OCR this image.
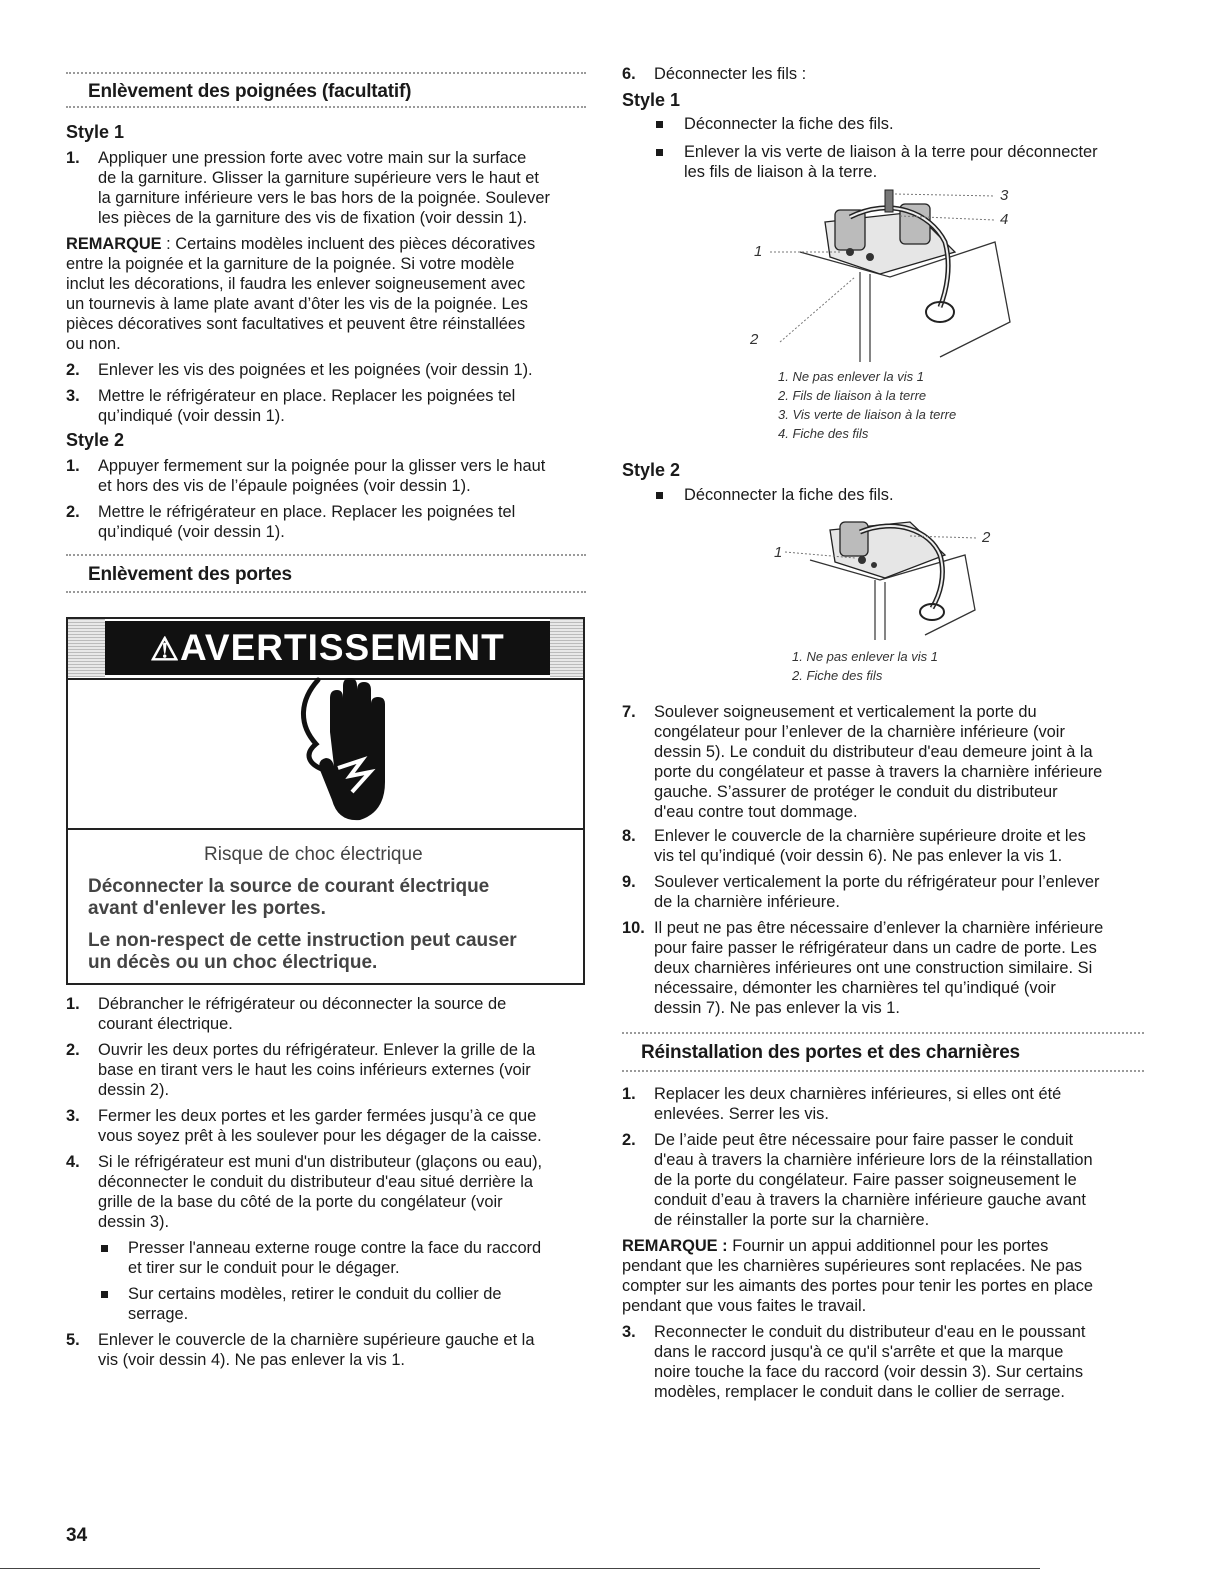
Enlèvement des poignées (facultatif)
Style 1
1. Appliquer une pression forte avec votre main sur la surface
de la garniture. Glisser la garniture supérieure vers le haut et
la garniture inférieure vers le bas hors de la poignée. Soulever
les pièces de la garniture des vis de fixation (voir dessin 1).
REMARQUE : Certains modèles incluent des pièces décoratives
entre la poignée et la garniture de la poignée. Si votre modèle
inclut les décorations, il faudra les enlever soigneusement avec
un tournevis à lame plate avant d’ôter les vis de la poignée. Les
pièces décoratives sont facultatives et peuvent être réinstallées
ou non.
2. Enlever les vis des poignées et les poignées (voir dessin 1).
3. Mettre le réfrigérateur en place. Replacer les poignées tel
qu’indiqué (voir dessin 1).
Style 2
1. Appuyer fermement sur la poignée pour la glisser vers le haut
et hors des vis de l’épaule poignées (voir dessin 1).
2. Mettre le réfrigérateur en place. Replacer les poignées tel
qu’indiqué (voir dessin 1).
Enlèvement des portes
⚠AVERTISSEMENT
Risque de choc électrique
Déconnecter la source de courant électrique
avant d'enlever les portes.
Le non-respect de cette instruction peut causer
un décès ou un choc électrique.
1. Débrancher le réfrigérateur ou déconnecter la source de
courant électrique.
2. Ouvrir les deux portes du réfrigérateur. Enlever la grille de la
base en tirant vers le haut les coins inférieurs externes (voir
dessin 2).
3. Fermer les deux portes et les garder fermées jusqu’à ce que
vous soyez prêt à les soulever pour les dégager de la caisse.
4. Si le réfrigérateur est muni d'un distributeur (glaçons ou eau),
déconnecter le conduit du distributeur d'eau situé derrière la
grille de la base du côté de la porte du congélateur (voir
dessin 3).
Presser l'anneau externe rouge contre la face du raccord
et tirer sur le conduit pour le dégager.
Sur certains modèles, retirer le conduit du collier de
serrage.
5. Enlever le couvercle de la charnière supérieure gauche et la
vis (voir dessin 4). Ne pas enlever la vis 1.
34
6. Déconnecter les fils :
Style 1
Déconnecter la fiche des fils.
Enlever la vis verte de liaison à la terre pour déconnecter
les fils de liaison à la terre.
1
2
3
4
1. Ne pas enlever la vis 1
2. Fils de liaison à la terre
3. Vis verte de liaison à la terre
4. Fiche des fils
Style 2
Déconnecter la fiche des fils.
1
2
1. Ne pas enlever la vis 1
2. Fiche des fils
7. Soulever soigneusement et verticalement la porte du
congélateur pour l’enlever de la charnière inférieure (voir
dessin 5). Le conduit du distributeur d'eau demeure joint à la
porte du congélateur et passe à travers la charnière inférieure
gauche. S’assurer de protéger le conduit du distributeur
d'eau contre tout dommage.
8. Enlever le couvercle de la charnière supérieure droite et les
vis tel qu’indiqué (voir dessin 6). Ne pas enlever la vis 1.
9. Soulever verticalement la porte du réfrigérateur pour l’enlever
de la charnière inférieure.
10. Il peut ne pas être nécessaire d’enlever la charnière inférieure
pour faire passer le réfrigérateur dans un cadre de porte. Les
deux charnières inférieures ont une construction similaire. Si
nécessaire, démonter les charnières tel qu’indiqué (voir
dessin 7). Ne pas enlever la vis 1.
Réinstallation des portes et des charnières
1. Replacer les deux charnières inférieures, si elles ont été
enlevées. Serrer les vis.
2. De l’aide peut être nécessaire pour faire passer le conduit
d'eau à travers la charnière inférieure lors de la réinstallation
de la porte du congélateur. Faire passer soigneusement le
conduit d’eau à travers la charnière inférieure gauche avant
de réinstaller la porte sur la charnière.
REMARQUE : Fournir un appui additionnel pour les portes
pendant que les charnières supérieures sont replacées. Ne pas
compter sur les aimants des portes pour tenir les portes en place
pendant que vous faites le travail.
3. Reconnecter le conduit du distributeur d'eau en le poussant
dans le raccord jusqu'à ce qu'il s'arrête et que la marque
noire touche la face du raccord (voir dessin 3). Sur certains
modèles, remplacer le conduit dans le collier de serrage.
